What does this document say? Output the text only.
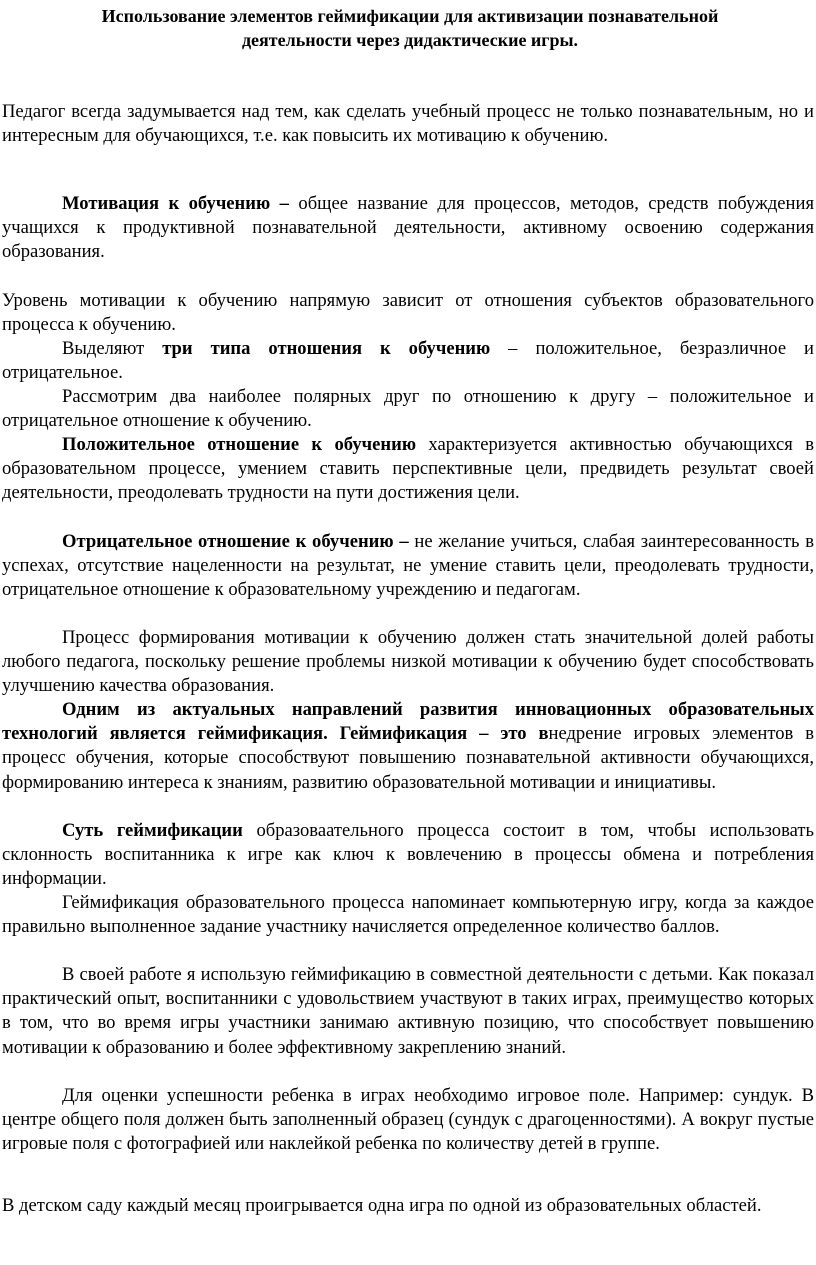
Использование элементов геймификации для активизации познавательной деятельности через дидактические игры.

Педагог всегда задумывается над тем, как сделать учебный процесс не только познавательным, но и интересным для обучающихся, т.е. как повысить их мотивацию к обучению.

Мотивация к обучению – общее название для процессов, методов, средств побуждения учащихся к продуктивной познавательной деятельности, активному освоению содержания образования.

Уровень мотивации к обучению напрямую зависит от отношения субъектов образовательного процесса к обучению.

Выделяют три типа отношения к обучению – положительное, безразличное и отрицательное.

Рассмотрим два наиболее полярных друг по отношению к другу – положительное и отрицательное отношение к обучению.

Положительное отношение к обучению характеризуется активностью обучающихся в образовательном процессе, умением ставить перспективные цели, предвидеть результат своей деятельности, преодолевать трудности на пути достижения цели.

Отрицательное отношение к обучению – не желание учиться, слабая заинтересованность в успехах, отсутствие нацеленности на результат, не умение ставить цели, преодолевать трудности, отрицательное отношение к образовательному учреждению и педагогам.

Процесс формирования мотивации к обучению должен стать значительной долей работы любого педагога, поскольку решение проблемы низкой мотивации к обучению будет способствовать улучшению качества образования.

Одним из актуальных направлений развития инновационных образовательных технологий является геймификация. Геймификация – это внедрение игровых элементов в процесс обучения, которые способствуют повышению познавательной активности обучающихся, формированию интереса к знаниям, развитию образовательной мотивации и инициативы.

Суть геймификации образоваательного процесса состоит в том, чтобы использовать склонность воспитанника к игре как ключ к вовлечению в процессы обмена и потребления информации.

Геймификация образовательного процесса напоминает компьютерную игру, когда за каждое правильно выполненное задание участнику начисляется определенное количество баллов.

В своей работе я использую геймификацию в совместной деятельности с детьми. Как показал практический опыт, воспитанники с удовольствием участвуют в таких играх, преимущество которых в том, что во время игры участники занимаю активную позицию, что способствует повышению мотивации к образованию и более эффективному закреплению знаний.

Для оценки успешности ребенка в играх необходимо игровое поле. Например: сундук. В центре общего поля должен быть заполненный образец (сундук с драгоценностями). А вокруг пустые игровые поля с фотографией или наклейкой ребенка по количеству детей в группе.

В детском саду каждый месяц проигрывается одна игра по одной из образовательных областей.
